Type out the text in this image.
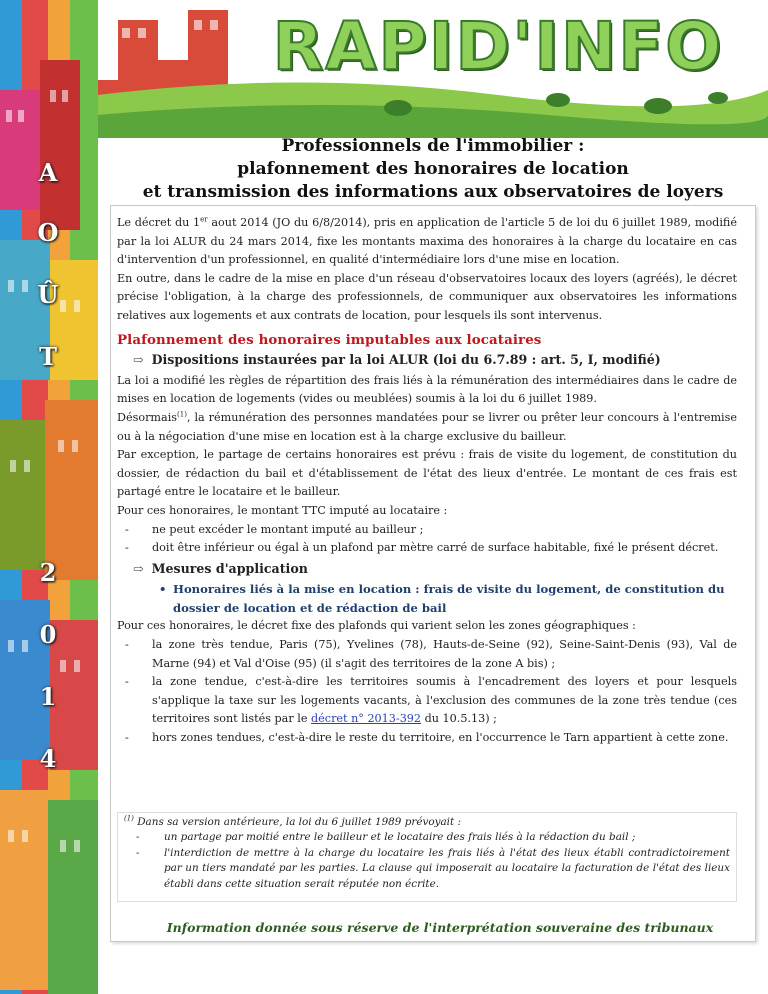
A
O
Û
T
2
0
1
4
RAPID'INFO
Professionnels de l'immobilier :
plafonnement des honoraires de location
et transmission des informations aux observatoires de loyers

Le décret du 1er aout 2014 (JO du 6/8/2014), pris en application de l'article 5 de loi du 6 juillet 1989, modifié par la loi ALUR du 24 mars 2014, fixe les montants maxima des honoraires à la charge du locataire en cas d'intervention d'un professionnel, en qualité d'intermédiaire lors d'une mise en location.

En outre, dans le cadre de la mise en place d'un réseau d'observatoires locaux des loyers (agréés), le décret précise l'obligation, à la charge des professionnels, de communiquer aux observatoires les informations relatives aux logements et aux contrats de location, pour lesquels ils sont intervenus.

Plafonnement des honoraires imputables aux locataires
⇨ Dispositions instaurées par la loi ALUR (loi du 6.7.89 : art. 5, I, modifié)

La loi a modifié les règles de répartition des frais liés à la rémunération des intermédiaires dans le cadre de mises en location de logements (vides ou meublées) soumis à la loi du 6 juillet 1989.

Désormais$^{(1)}$, la rémunération des personnes mandatées pour se livrer ou prêter leur concours à l'entremise ou à la négociation d'une mise en location est à la charge exclusive du bailleur.

Par exception, le partage de certains honoraires est prévu : frais de visite du logement, de constitution du dossier, de rédaction du bail et d'établissement de l'état des lieux d'entrée. Le montant de ces frais est partagé entre le locataire et le bailleur.

Pour ces honoraires, le montant TTC imputé au locataire :

- ne peut excéder le montant imputé au bailleur ;
- doit être inférieur ou égal à un plafond par mètre carré de surface habitable, fixé le présent décret.
⇨ Mesures d'application
• Honoraires liés à la mise en location : frais de visite du logement, de constitution du dossier de location et de rédaction de bail

Pour ces honoraires, le décret fixe des plafonds qui varient selon les zones géographiques :

- la zone très tendue, Paris (75), Yvelines (78), Hauts-de-Seine (92), Seine-Saint-Denis (93), Val de Marne (94) et Val d'Oise (95) (il s'agit des territoires de la zone A bis) ;
- la zone tendue, c'est-à-dire les territoires soumis à l'encadrement des loyers et pour lesquels s'applique la taxe sur les logements vacants, à l'exclusion des communes de la zone très tendue (ces territoires sont listés par le décret n° 2013-392 du 10.5.13) ;
- hors zones tendues, c'est-à-dire le reste du territoire, en l'occurrence le Tarn appartient à cette zone.
$^{(1)}$ Dans sa version antérieure, la loi du 6 juillet 1989 prévoyait :
- un partage par moitié entre le bailleur et le locataire des frais liés à la rédaction du bail ;
- l'interdiction de mettre à la charge du locataire les frais liés à l'état des lieux établi contradictoirement par un tiers mandaté par les parties. La clause qui imposerait au locataire la facturation de l'état des lieux établi dans cette situation serait réputée non écrite.
Information donnée sous réserve de l'interprétation souveraine des tribunaux
